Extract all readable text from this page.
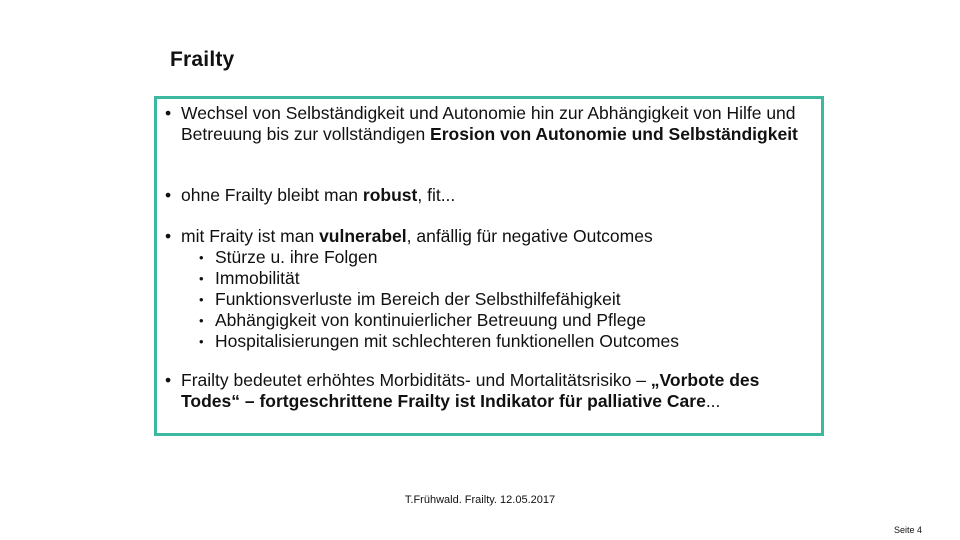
Frailty
• Wechsel von Selbständigkeit und Autonomie hin zur Abhängigkeit von Hilfe und Betreuung bis zur vollständigen Erosion von Autonomie und Selbständigkeit
• ohne Frailty bleibt man robust, fit...
• mit Fraity ist man vulnerabel, anfällig für negative Outcomes
• Stürze u. ihre Folgen
• Immobilität
• Funktionsverluste im Bereich der Selbsthilfefähigkeit
• Abhängigkeit von kontinuierlicher Betreuung und Pflege
• Hospitalisierungen mit schlechteren funktionellen Outcomes
• Frailty bedeutet erhöhtes Morbiditäts- und Mortalitätsrisiko – „Vorbote des Todes“ – fortgeschrittene Frailty ist Indikator für palliative Care...
T.Frühwald. Frailty. 12.05.2017
Seite 4
